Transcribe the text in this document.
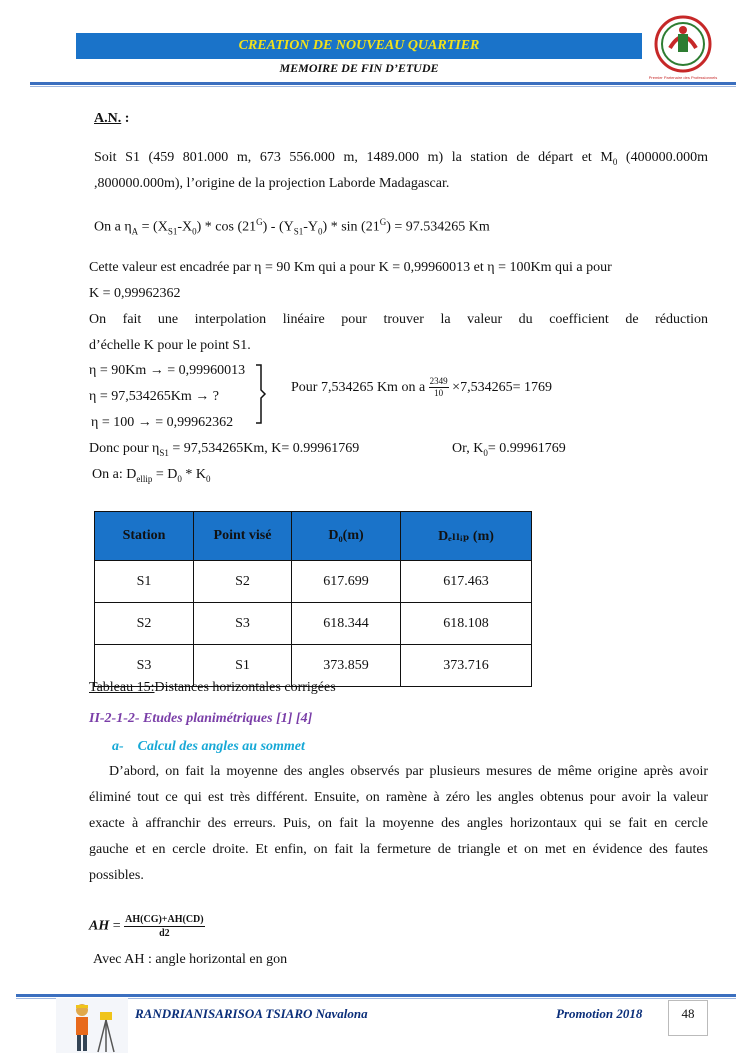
CREATION DE NOUVEAU QUARTIER
MEMOIRE DE FIN D’ETUDE
Premier Partenaire des Professionnels
A.N. :
Soit S1 (459 801.000 m, 673 556.000 m, 1489.000 m) la station de départ et $M_0$ (400000.000m
,800000.000m), l’origine de la projection Laborde Madagascar.
On a $\eta_A = (X_{S1}-X_0) * \cos (21^G) - (Y_{S1}-Y_0) * \sin (21^G) = 97.534265$ Km
Cette valeur est encadrée par η = 90 Km qui a pour K = 0,99960013 et η = 100Km qui a pour
K = 0,99962362
On fait une interpolation linéaire pour trouver la valeur du coefficient de réduction
d’échelle K pour le point S1.
η = 90Km → = 0,99960013
η = 97,534265Km → ?
η = 100 → = 0,99962362
Pour 7,534265 Km on a $\frac{2349}{10} \times 7,534265= 1769$
Donc pour $\eta_{S1} = 97,534265Km$, K= 0.99961769	Or, $K_0= 0.99961769$
On a: $D_{ellip} = D_0 * K_0$
Station	Point visé	D₀(m)	Dₑₗₗᵢₚ (m)
S1	S2	617.699	617.463
S2	S3	618.344	618.108
S3	S1	373.859	373.716
Tableau 15:Distances horizontales corrigées
II-2-1-2- Etudes planimétriques [1] [4]
a- Calcul des angles au sommet
D’abord, on fait la moyenne des angles observés par plusieurs mesures de même origine après avoir
éliminé tout ce qui est très différent. Ensuite, on ramène à zéro les angles obtenus pour avoir la valeur
exacte à affranchir des erreurs. Puis, on fait la moyenne des angles horizontaux qui se fait en cercle
gauche et en cercle droite. Et enfin, on fait la fermeture de triangle et on met en évidence des fautes
possibles.
AH = $\frac{AH(CG)+AH(CD)}{d2}$
Avec AH : angle horizontal en gon
RANDRIANISARISOA TSIARO Navalona	Promotion 2018	48
